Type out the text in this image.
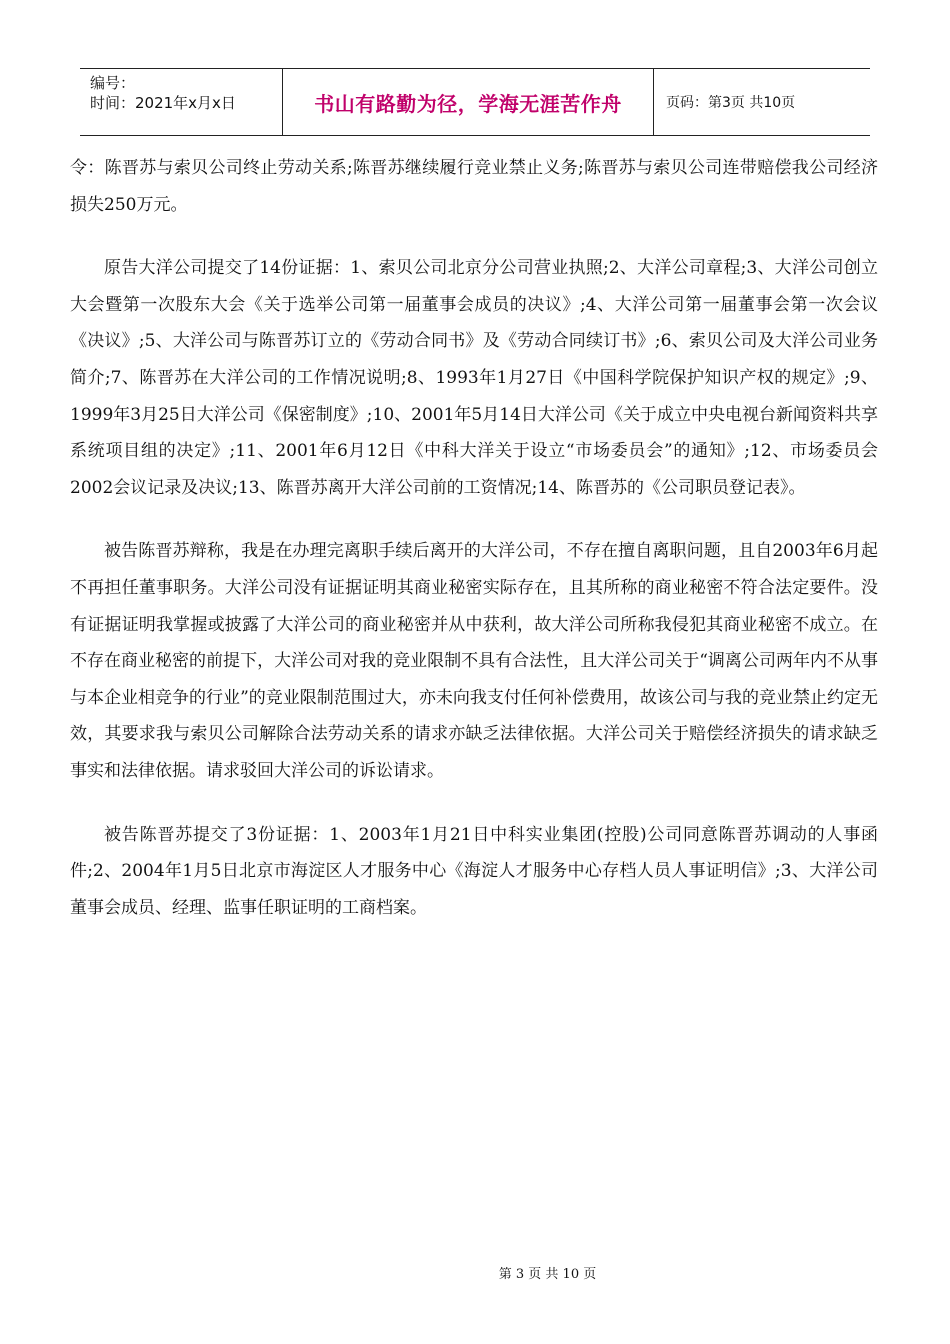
编号：
时间：2021年x月x日	书山有路勤为径，学海无涯苦作舟	页码：第3页 共10页

令：陈晋苏与索贝公司终止劳动关系;陈晋苏继续履行竞业禁止义务;陈晋苏与索贝公司连带赔偿我公司经济损失250万元。

原告大洋公司提交了14份证据：1、索贝公司北京分公司营业执照;2、大洋公司章程;3、大洋公司创立大会暨第一次股东大会《关于选举公司第一届董事会成员的决议》;4、大洋公司第一届董事会第一次会议《决议》;5、大洋公司与陈晋苏订立的《劳动合同书》及《劳动合同续订书》;6、索贝公司及大洋公司业务简介;7、陈晋苏在大洋公司的工作情况说明;8、1993年1月27日《中国科学院保护知识产权的规定》;9、1999年3月25日大洋公司《保密制度》;10、2001年5月14日大洋公司《关于成立中央电视台新闻资料共享系统项目组的决定》;11、2001年6月12日《中科大洋关于设立“市场委员会”的通知》;12、市场委员会2002会议记录及决议;13、陈晋苏离开大洋公司前的工资情况;14、陈晋苏的《公司职员登记表》。

被告陈晋苏辩称，我是在办理完离职手续后离开的大洋公司，不存在擅自离职问题，且自2003年6月起不再担任董事职务。大洋公司没有证据证明其商业秘密实际存在，且其所称的商业秘密不符合法定要件。没有证据证明我掌握或披露了大洋公司的商业秘密并从中获利，故大洋公司所称我侵犯其商业秘密不成立。在不存在商业秘密的前提下，大洋公司对我的竞业限制不具有合法性，且大洋公司关于“调离公司两年内不从事与本企业相竞争的行业”的竞业限制范围过大，亦未向我支付任何补偿费用，故该公司与我的竞业禁止约定无效，其要求我与索贝公司解除合法劳动关系的请求亦缺乏法律依据。大洋公司关于赔偿经济损失的请求缺乏事实和法律依据。请求驳回大洋公司的诉讼请求。

被告陈晋苏提交了3份证据：1、2003年1月21日中科实业集团(控股)公司同意陈晋苏调动的人事函件;2、2004年1月5日北京市海淀区人才服务中心《海淀人才服务中心存档人员人事证明信》;3、大洋公司董事会成员、经理、监事任职证明的工商档案。

第 3 页 共 10 页
